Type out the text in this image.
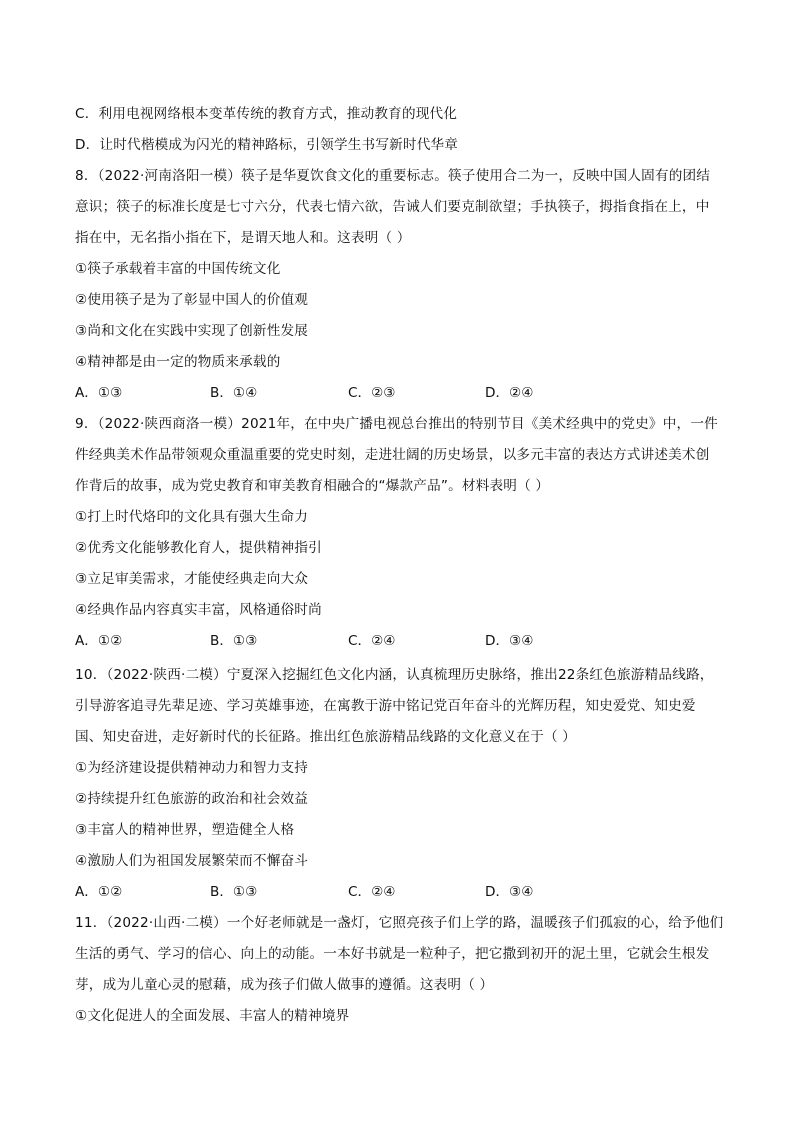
C．利用电视网络根本变革传统的教育方式，推动教育的现代化
D．让时代楷模成为闪光的精神路标，引领学生书写新时代华章
8．（2022·河南洛阳一模）筷子是华夏饮食文化的重要标志。筷子使用合二为一，反映中国人固有的团结
意识；筷子的标准长度是七寸六分，代表七情六欲，告诫人们要克制欲望；手执筷子，拇指食指在上，中
指在中，无名指小指在下，是谓天地人和。这表明（ ）
①筷子承载着丰富的中国传统文化
②使用筷子是为了彰显中国人的价值观
③尚和文化在实践中实现了创新性发展
④精神都是由一定的物质来承载的
A．①③	B．①④	C．②③	D．②④
9．（2022·陕西商洛一模）2021年，在中央广播电视总台推出的特别节目《美术经典中的党史》中，一件
件经典美术作品带领观众重温重要的党史时刻，走进壮阔的历史场景，以多元丰富的表达方式讲述美术创
作背后的故事，成为党史教育和审美教育相融合的“爆款产品”。材料表明（ ）
①打上时代烙印的文化具有强大生命力
②优秀文化能够教化育人，提供精神指引
③立足审美需求，才能使经典走向大众
④经典作品内容真实丰富，风格通俗时尚
A．①②	B．①③	C．②④	D．③④
10．（2022·陕西·二模）宁夏深入挖掘红色文化内涵，认真梳理历史脉络，推出22条红色旅游精品线路，
引导游客追寻先辈足迹、学习英雄事迹，在寓教于游中铭记党百年奋斗的光辉历程，知史爱党、知史爱
国、知史奋进，走好新时代的长征路。推出红色旅游精品线路的文化意义在于（ ）
①为经济建设提供精神动力和智力支持
②持续提升红色旅游的政治和社会效益
③丰富人的精神世界，塑造健全人格
④激励人们为祖国发展繁荣而不懈奋斗
A．①②	B．①③	C．②④	D．③④
11．（2022·山西·二模）一个好老师就是一盏灯，它照亮孩子们上学的路，温暖孩子们孤寂的心，给予他们
生活的勇气、学习的信心、向上的动能。一本好书就是一粒种子，把它撒到初开的泥土里，它就会生根发
芽，成为儿童心灵的慰藉，成为孩子们做人做事的遵循。这表明（ ）
①文化促进人的全面发展、丰富人的精神境界
